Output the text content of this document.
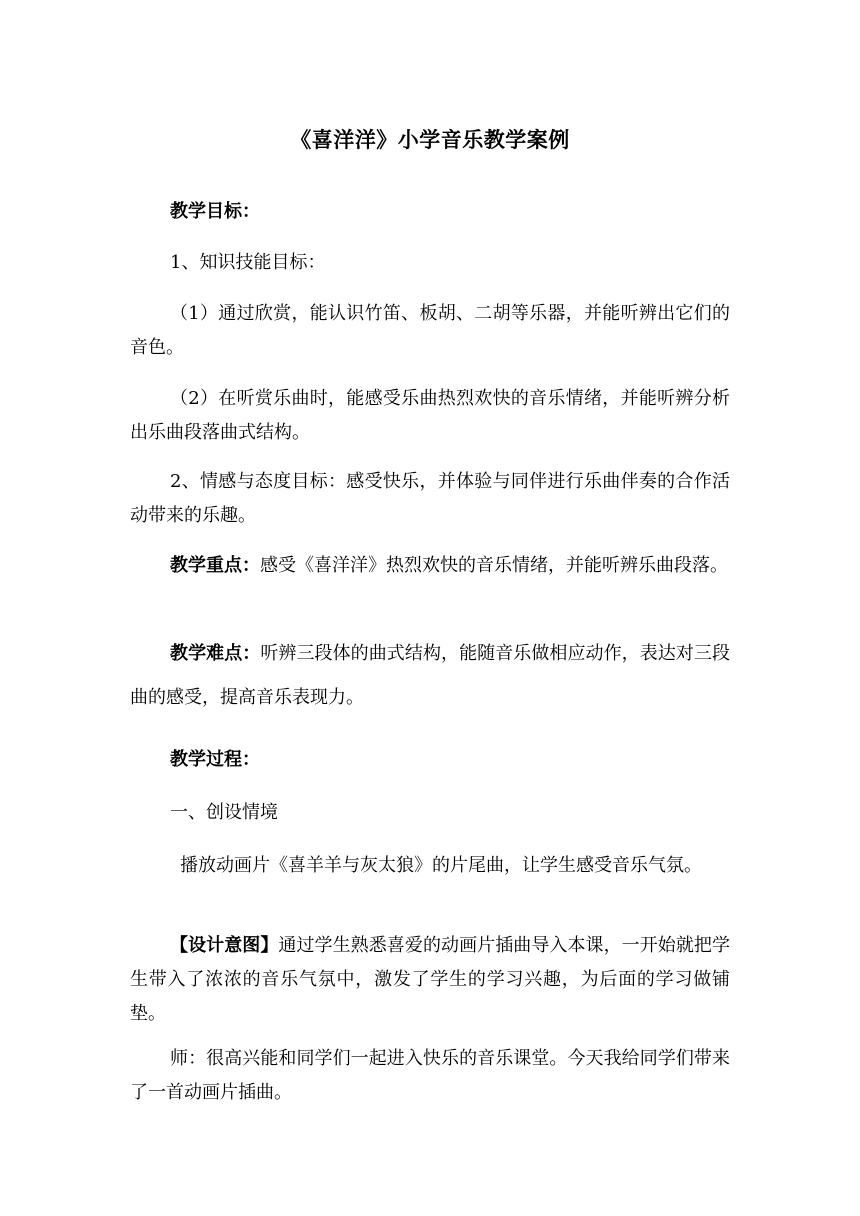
《喜洋洋》小学音乐教学案例

教学目标：

1、知识技能目标：

（1）通过欣赏，能认识竹笛、板胡、二胡等乐器，并能听辨出它们的音色。

（2）在听赏乐曲时，能感受乐曲热烈欢快的音乐情绪，并能听辨分析出乐曲段落曲式结构。

2、情感与态度目标：感受快乐，并体验与同伴进行乐曲伴奏的合作活动带来的乐趣。

教学重点：感受《喜洋洋》热烈欢快的音乐情绪，并能听辨乐曲段落。

教学难点：听辨三段体的曲式结构，能随音乐做相应动作，表达对三段曲的感受，提高音乐表现力。

教学过程：

一、创设情境

播放动画片《喜羊羊与灰太狼》的片尾曲，让学生感受音乐气氛。

【设计意图】通过学生熟悉喜爱的动画片插曲导入本课，一开始就把学生带入了浓浓的音乐气氛中，激发了学生的学习兴趣，为后面的学习做铺垫。

师：很高兴能和同学们一起进入快乐的音乐课堂。今天我给同学们带来了一首动画片插曲。
